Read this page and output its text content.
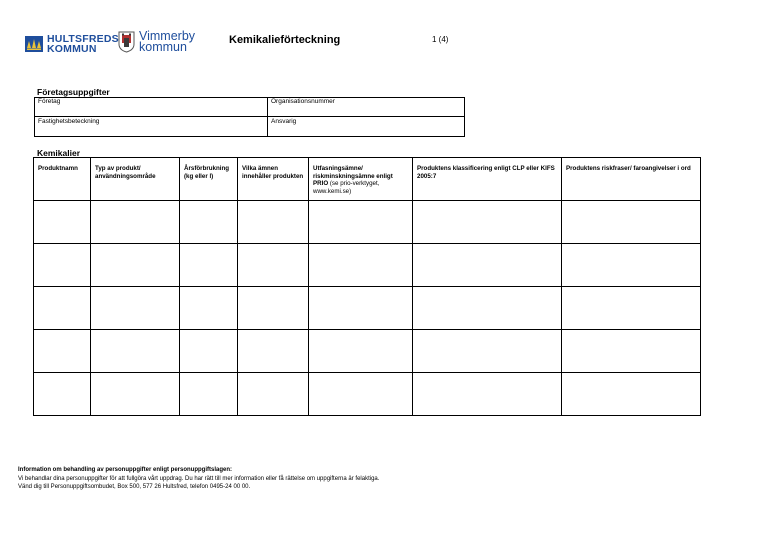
HULTSFREDS
KOMMUN
Vimmerby
kommun	Kemikalieförteckning	1 (4)
Företagsuppgifter
Företag	Organisationsnummer
Fastighetsbeteckning	Ansvarig
Kemikalier
Produktnamn	Typ av produkt/ användningsområde	Årsförbrukning (kg eller l)	Vilka ämnen innehåller produkten	Utfasningsämne/ riskminskningsämne enligt PRIO (se prio-verktyget, www.kemi.se)	Produktens klassificering enligt CLP eller KIFS 2005:7	Produktens riskfraser/ faroangivelser i ord

Information om behandling av personuppgifter enligt personuppgiftslagen:
Vi behandlar dina personuppgifter för att fullgöra vårt uppdrag. Du har rätt till mer information eller få rättelse om uppgifterna är felaktiga.
Vänd dig till Personuppgiftsombudet, Box 500, 577 26 Hultsfred, telefon 0495-24 00 00.
